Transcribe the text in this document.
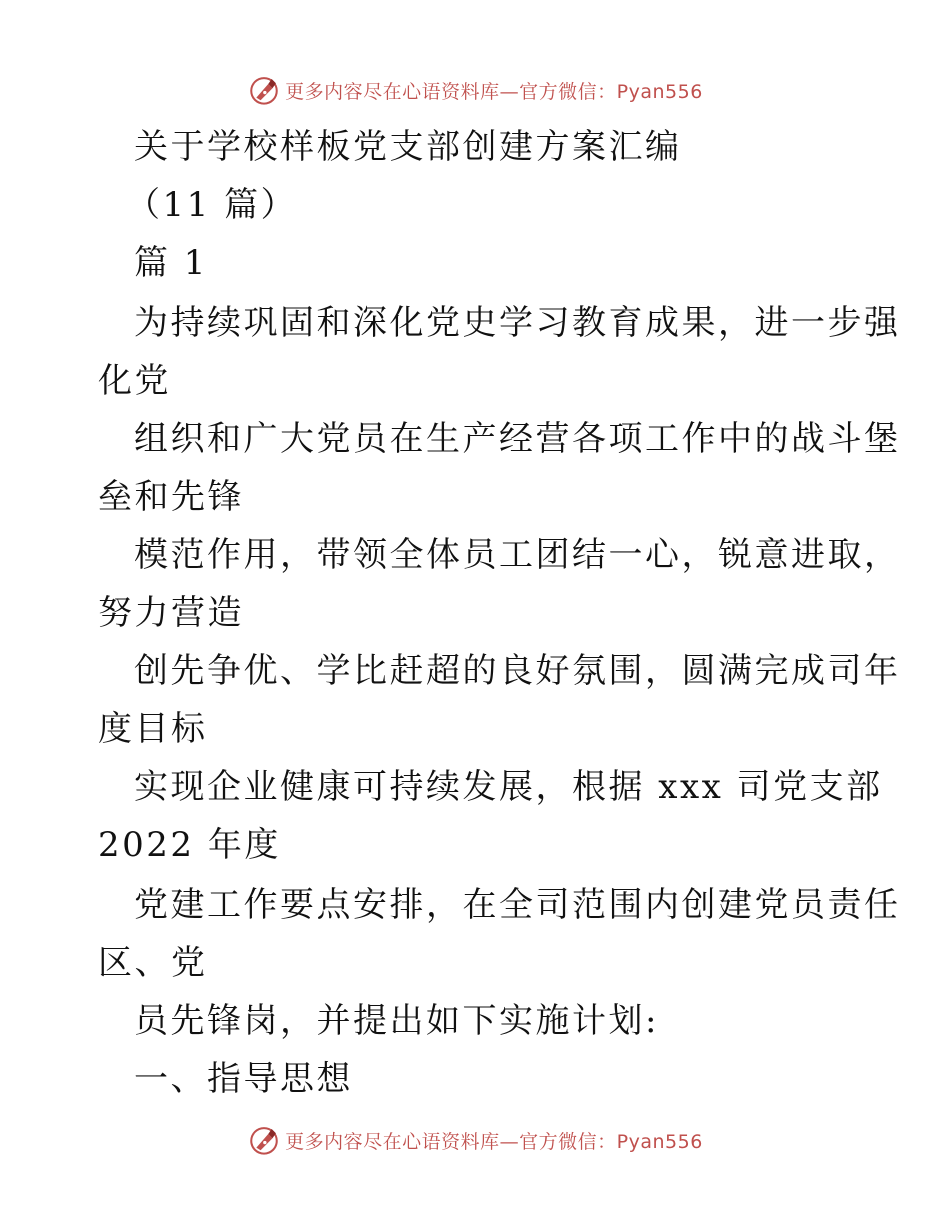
更多内容尽在心语资料库—官方微信：Pyan556
关于学校样板党支部创建方案汇编
（11 篇）
篇 1
为持续巩固和深化党史学习教育成果，进一步强
化党
组织和广大党员在生产经营各项工作中的战斗堡
垒和先锋
模范作用，带领全体员工团结一心，锐意进取，
努力营造
创先争优、学比赶超的良好氛围，圆满完成司年
度目标
实现企业健康可持续发展，根据 xxx 司党支部
2022 年度
党建工作要点安排，在全司范围内创建党员责任
区、党
员先锋岗，并提出如下实施计划:
一、指导思想
更多内容尽在心语资料库—官方微信：Pyan556
